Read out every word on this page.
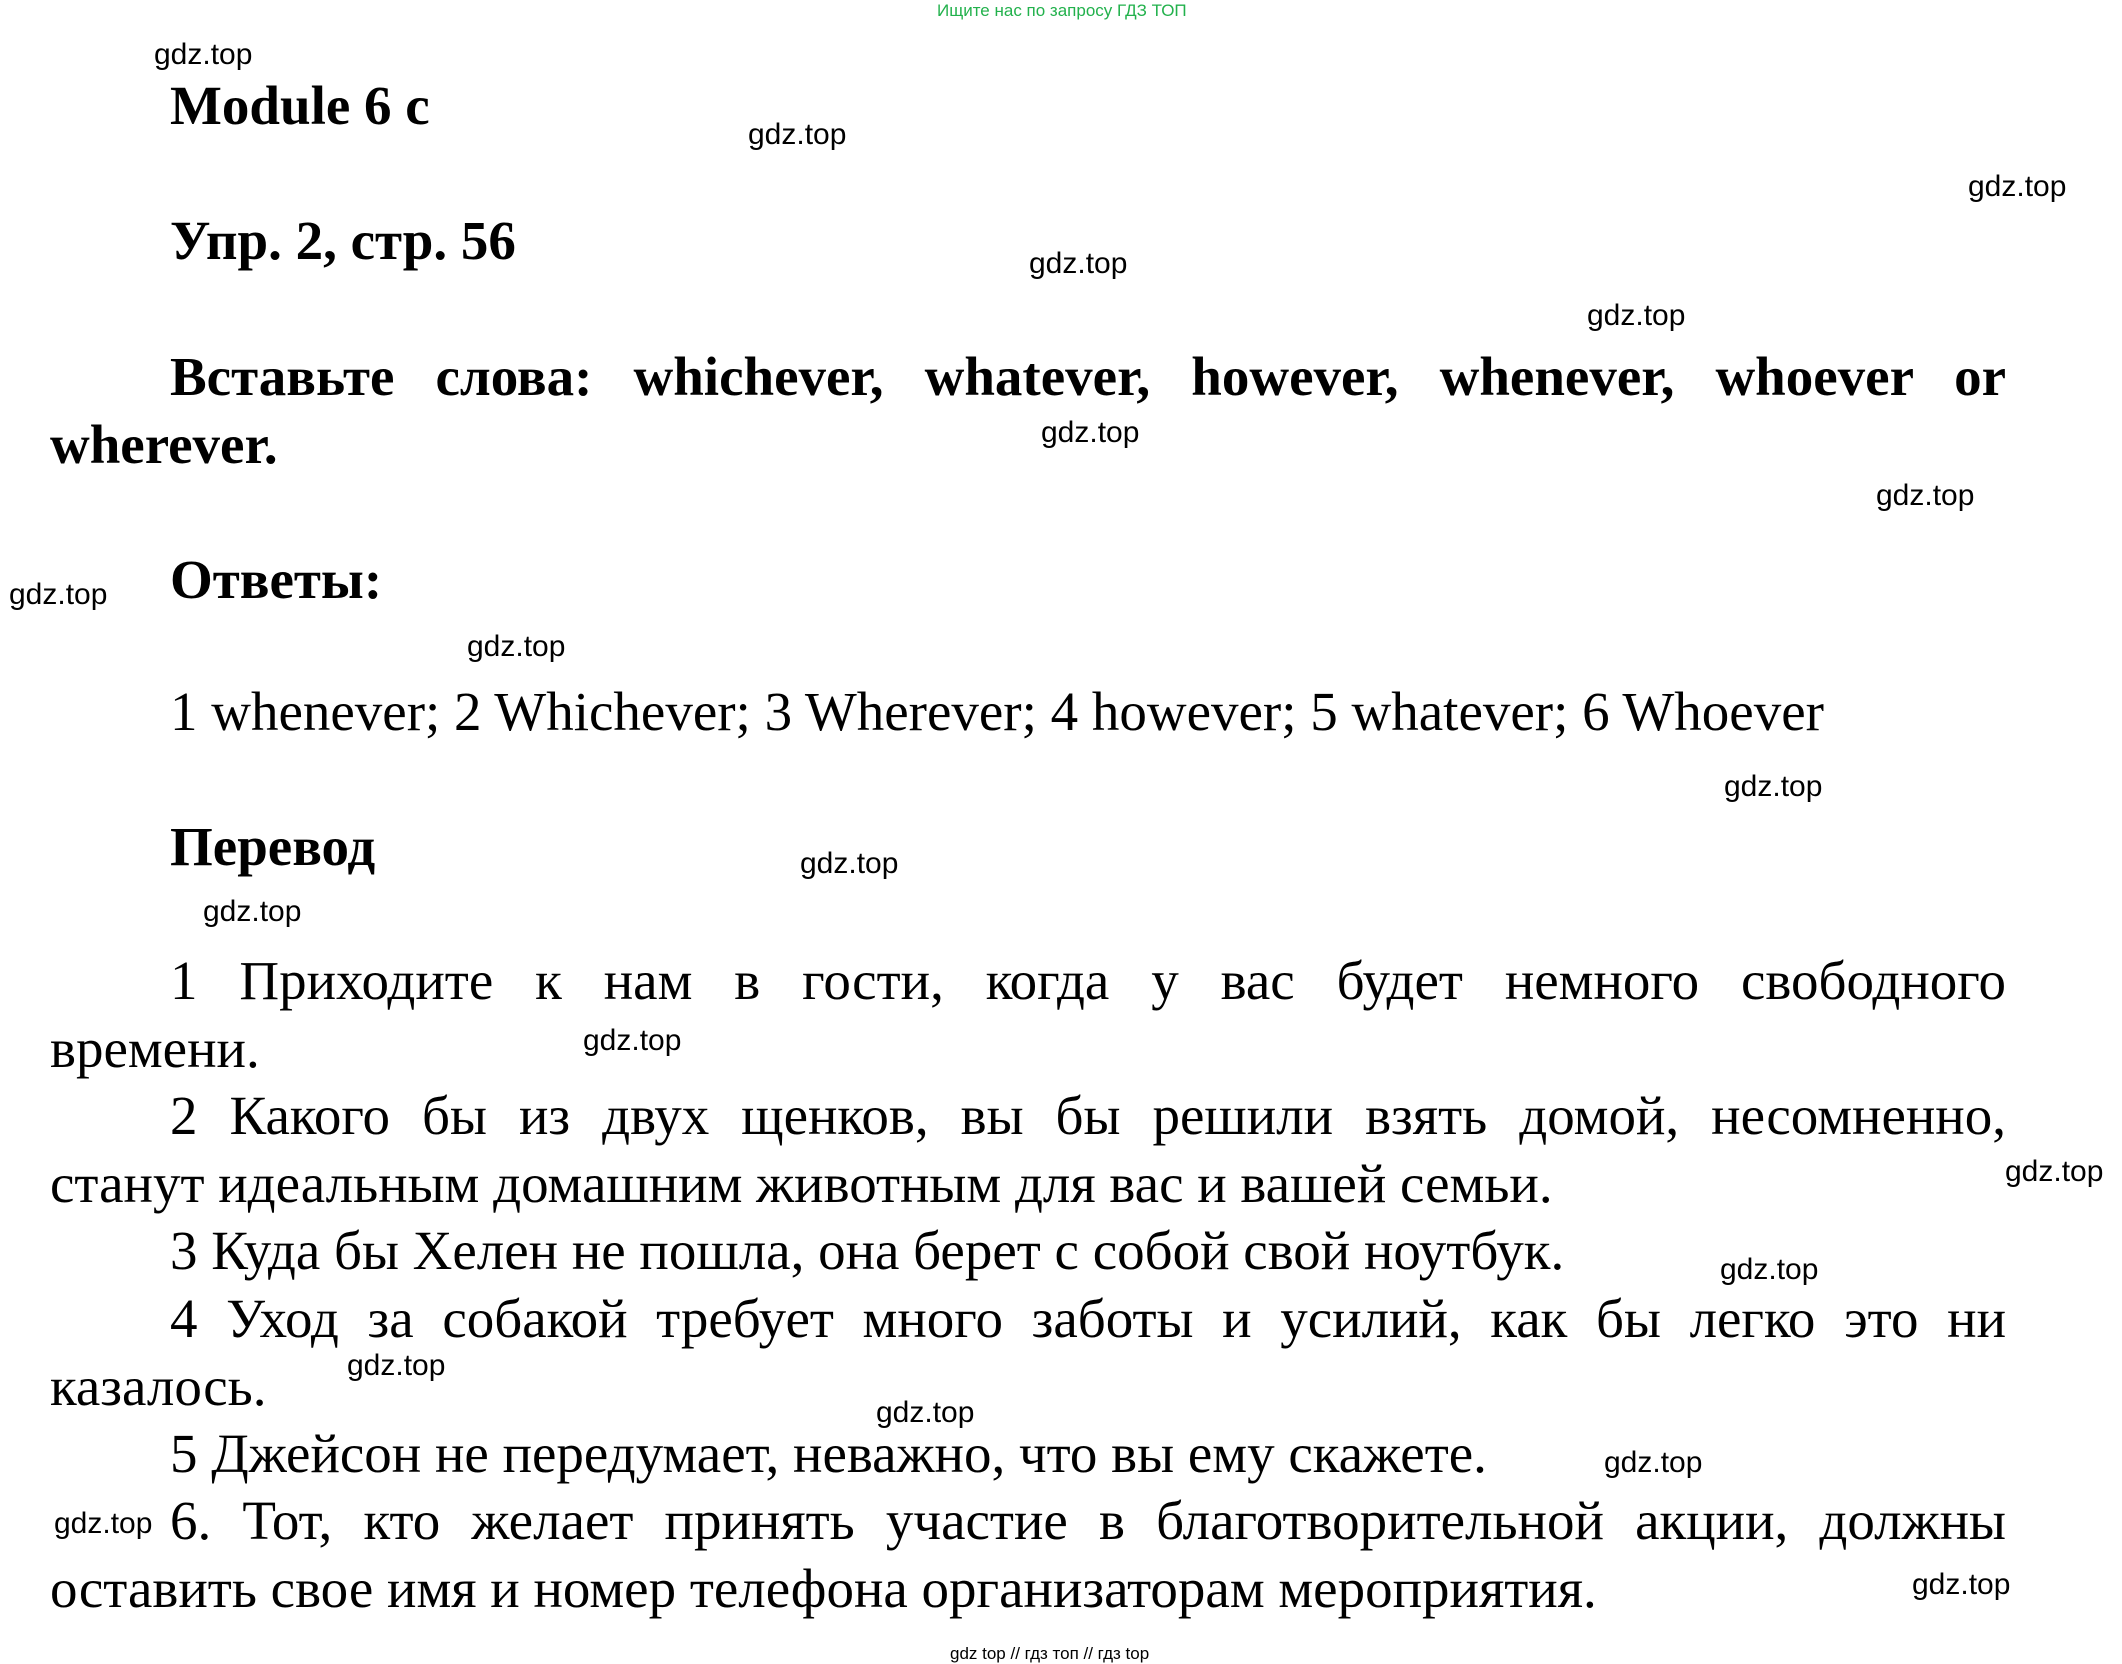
Ищите нас по запросу ГДЗ ТОП
Module 6 c
Упр. 2, стр. 56
Вставьте слова: whichever, whatever, however, whenever, whoever or
wherever.
Ответы:
1 whenever; 2 Whichever; 3 Wherever; 4 however; 5 whatever; 6 Whoever
Перевод
1 Приходите к нам в гости, когда у вас будет немного свободного
времени.
2 Какого бы из двух щенков, вы бы решили взять домой, несомненно,
станут идеальным домашним животным для вас и вашей семьи.
3 Куда бы Хелен не пошла, она берет с собой свой ноутбук.
4 Уход за собакой требует много заботы и усилий, как бы легко это ни
казалось.
5 Джейсон не передумает, неважно, что вы ему скажете.
6. Тот, кто желает принять участие в благотворительной акции, должны
оставить свое имя и номер телефона организаторам мероприятия.
gdz.top
gdz.top
gdz.top
gdz.top
gdz.top
gdz.top
gdz.top
gdz.top
gdz.top
gdz.top
gdz.top
gdz.top
gdz.top
gdz.top
gdz.top
gdz.top
gdz.top
gdz.top
gdz.top
gdz.top
gdz top // гдз топ // гдз top
